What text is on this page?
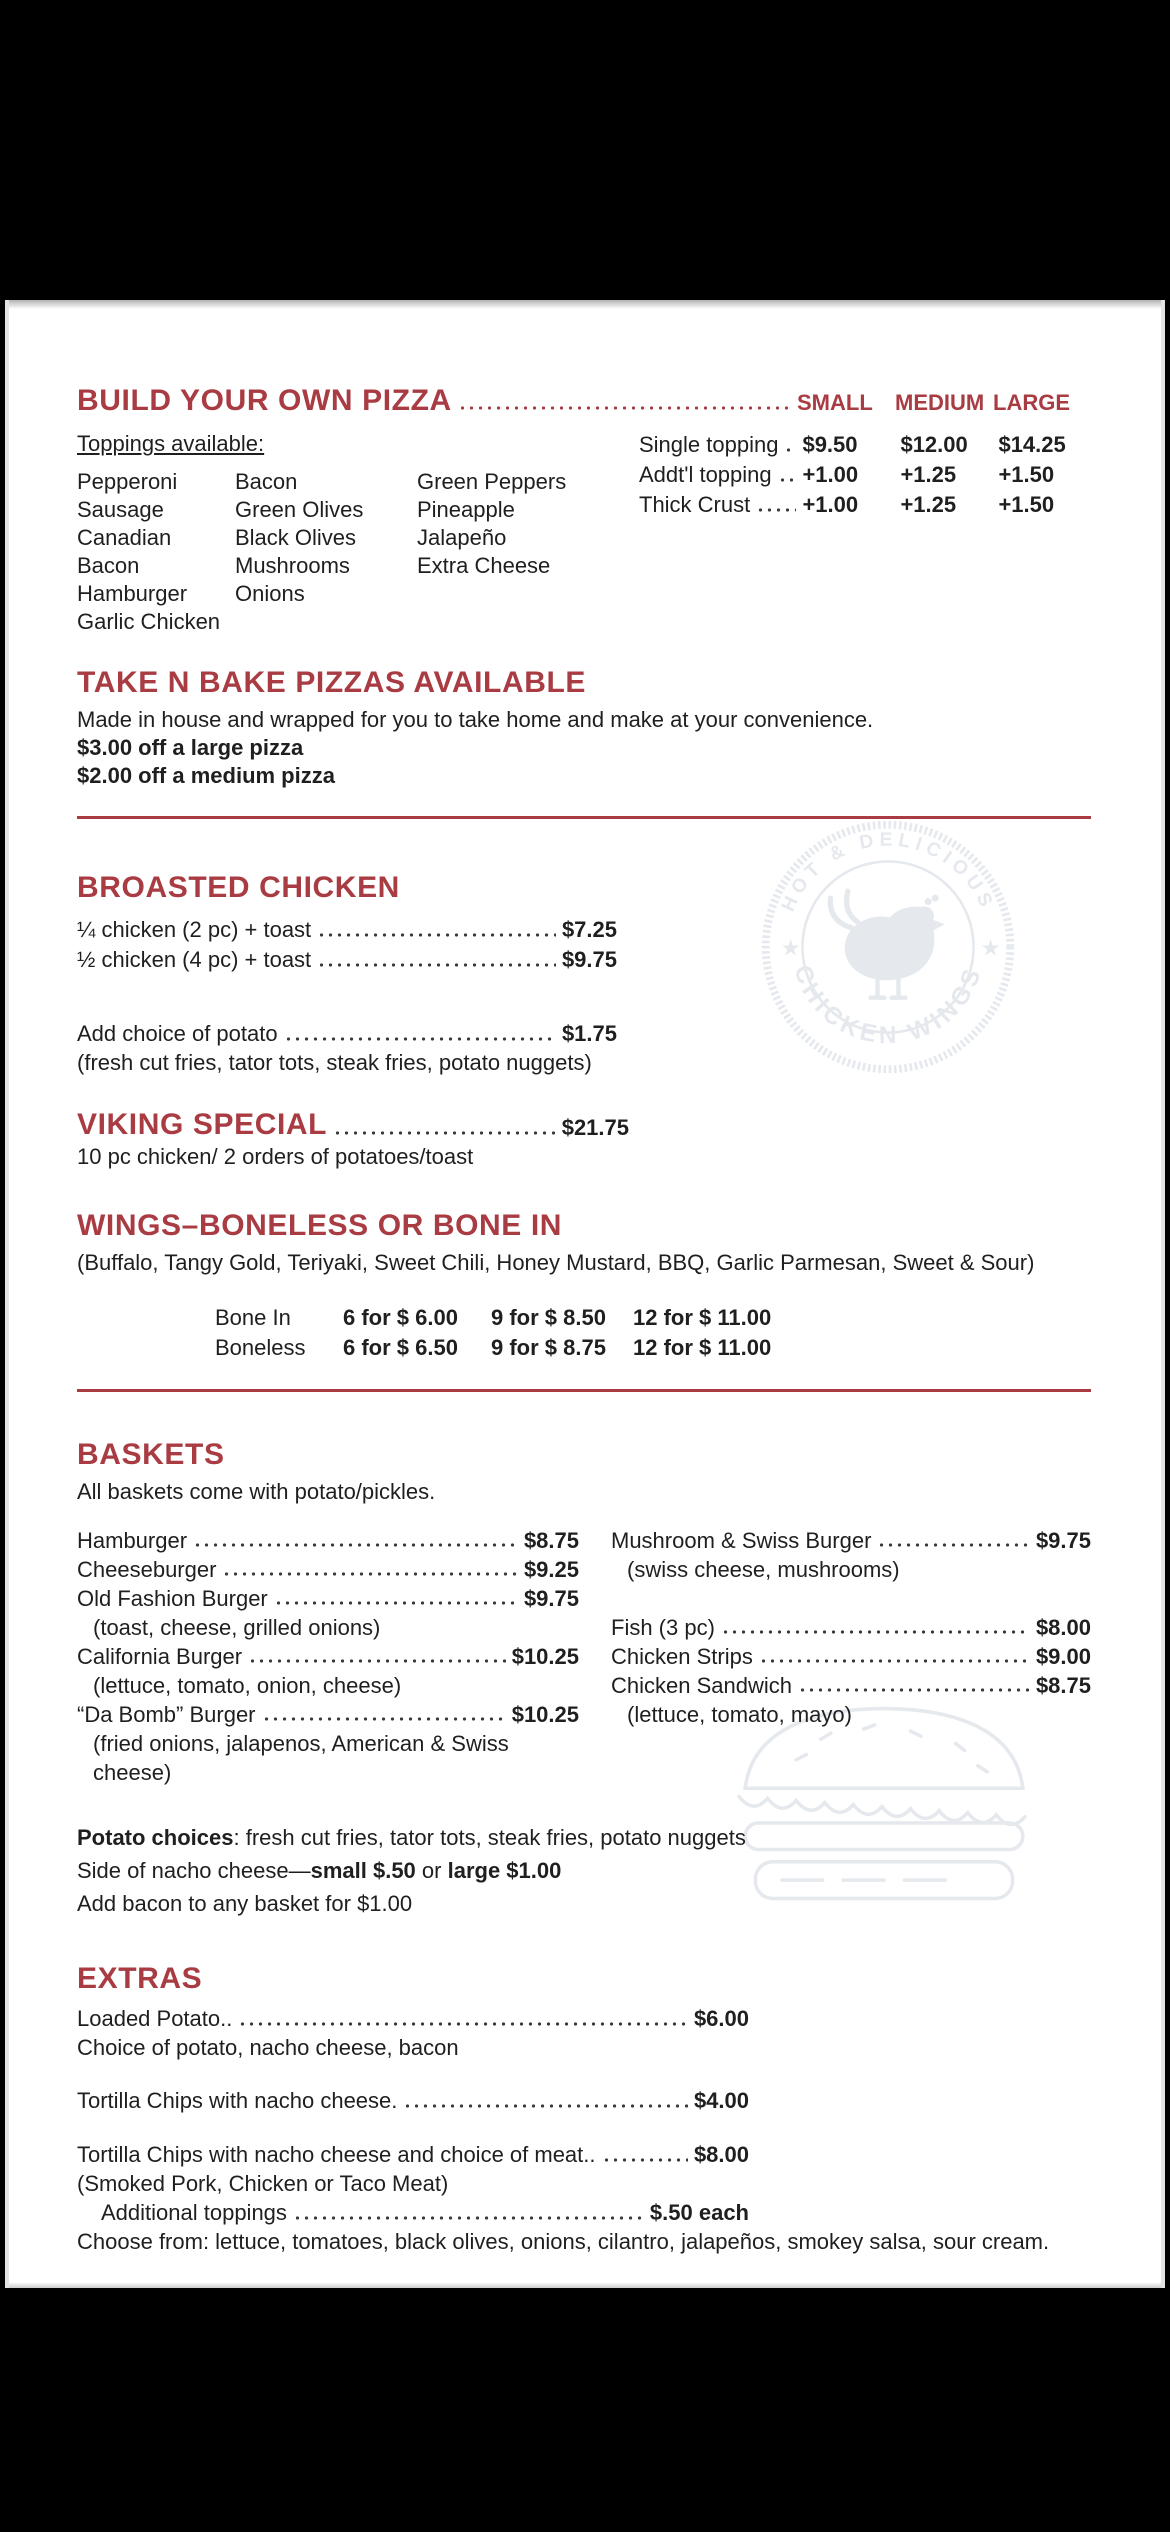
HOT & DELICIOUS
CHICKEN WINGS
★	★
BUILD YOUR OWN PIZZA	SMALL	MEDIUM LARGE
Toppings available:
Pepperoni
Sausage
Canadian Bacon
Hamburger
Garlic Chicken
Bacon
Green Olives
Black Olives
Mushrooms
Onions
Green Peppers
Pineapple
Jalapeño
Extra Cheese
Single topping $9.50	$12.00	$14.25
Addt'l topping +1.00	+1.25	+1.50
Thick Crust +1.00	+1.25	+1.50
TAKE N BAKE PIZZAS AVAILABLE

Made in house and wrapped for you to take home and make at your convenience.

$3.00 off a large pizza

$2.00 off a medium pizza

BROASTED CHICKEN
¼ chicken (2 pc) + toast	$7.25
½ chicken (4 pc) + toast	$9.75
Add choice of potato	$1.75

(fresh cut fries, tator tots, steak fries, potato nuggets)

VIKING SPECIAL	$21.75

10 pc chicken/ 2 orders of potatoes/toast

WINGS–BONELESS OR BONE IN

(Buffalo, Tangy Gold, Teriyaki, Sweet Chili, Honey Mustard, BBQ, Garlic Parmesan, Sweet & Sour)

Bone In	6 for $ 6.00	9 for $ 8.50	12 for $ 11.00
Boneless	6 for $ 6.50	9 for $ 8.75	12 for $ 11.00
BASKETS

All baskets come with potato/pickles.

Hamburger	$8.75
Cheeseburger	$9.25
Old Fashion Burger	$9.75
(toast, cheese, grilled onions)
California Burger	$10.25
(lettuce, tomato, onion, cheese)
“Da Bomb” Burger	$10.25
(fried onions, jalapenos, American & Swiss cheese)
Mushroom & Swiss Burger	$9.75
(swiss cheese, mushrooms)
Fish (3 pc)	$8.00
Chicken Strips	$9.00
Chicken Sandwich	$8.75
(lettuce, tomato, mayo)

Potato choices: fresh cut fries, tator tots, steak fries, potato nuggets

Side of nacho cheese—small $.50 or large $1.00

Add bacon to any basket for $1.00

EXTRAS
Loaded Potato..	$6.00

Choice of potato, nacho cheese, bacon

Tortilla Chips with nacho cheese.	$4.00
Tortilla Chips with nacho cheese and choice of meat..	$8.00

(Smoked Pork, Chicken or Taco Meat)

Additional toppings	$.50 each

Choose from: lettuce, tomatoes, black olives, onions, cilantro, jalapeños, smokey salsa, sour cream.
